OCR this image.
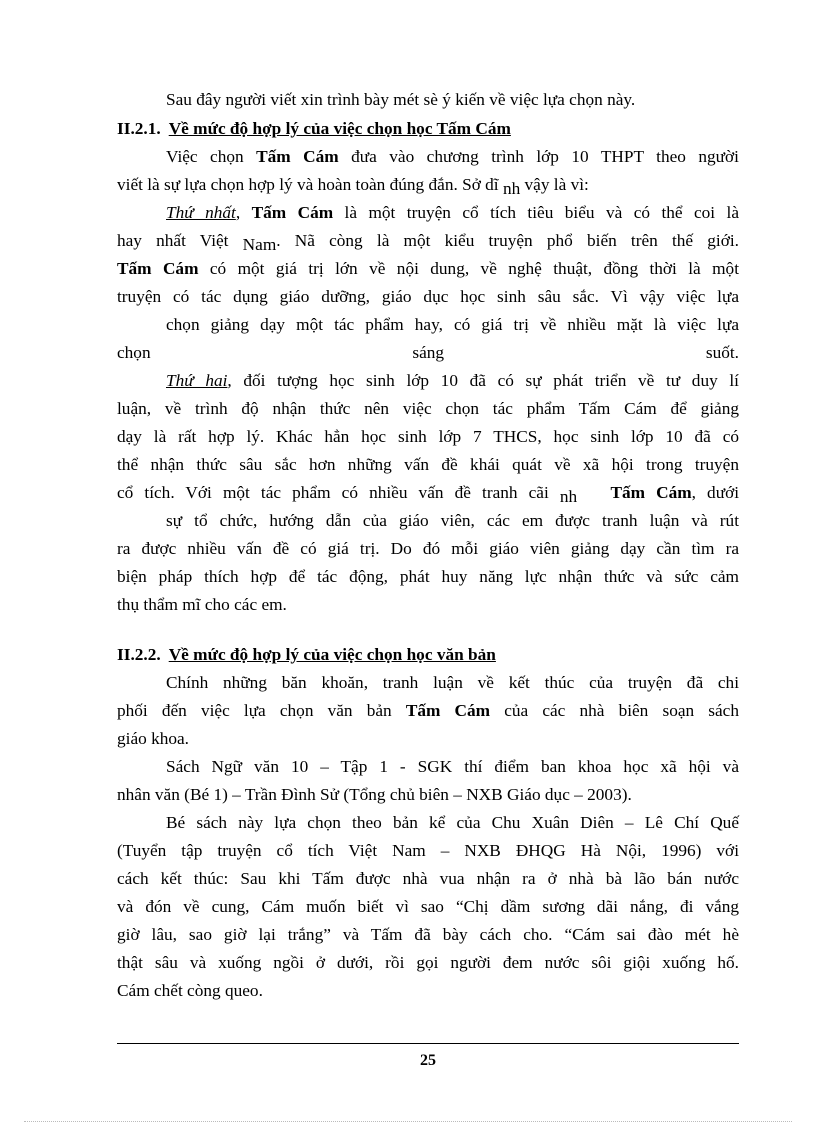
Sau đây người viết xin trình bày mét sè ý kiến về việc lựa chọn này.
II.2.1. Về mức độ hợp lý của việc chọn học Tấm Cám
Việc chọn Tấm Cám đưa vào chương trình lớp 10 THPT theo người
viết là sự lựa chọn hợp lý và hoàn toàn đúng đắn. Sở dĩ nh vậy là vì:
Thứ nhất, Tấm Cám là một truyện cổ tích tiêu biểu và có thể coi là
hay nhất Việt Nam. Nã còng là một kiểu truyện phổ biến trên thế giới.
Tấm Cám có một giá trị lớn về nội dung, về nghệ thuật, đồng thời là một
truyện có tác dụng giáo dưỡng, giáo dục học sinh sâu sắc. Vì vậy việc lựa
chọn giảng dạy một tác phẩm hay, có giá trị về nhiều mặt là việc lựa
chọn	sáng	suốt.
Thứ hai, đối tượng học sinh lớp 10 đã có sự phát triển về tư duy lí
luận, về trình độ nhận thức nên việc chọn tác phẩm Tấm Cám để giảng
dạy là rất hợp lý. Khác hẳn học sinh lớp 7 THCS, học sinh lớp 10 đã có
thể nhận thức sâu sắc hơn những vấn đề khái quát về xã hội trong truyện
cổ tích. Với một tác phẩm có nhiều vấn đề tranh cãi nh Tấm Cám, dưới
sự tổ chức, hướng dẫn của giáo viên, các em được tranh luận và rút
ra được nhiều vấn đề có giá trị. Do đó mỗi giáo viên giảng dạy cần tìm ra
biện pháp thích hợp để tác động, phát huy năng lực nhận thức và sức cảm
thụ thẩm mĩ cho các em.
II.2.2. Về mức độ hợp lý của việc chọn học văn bản
Chính những băn khoăn, tranh luận về kết thúc của truyện đã chi
phối đến việc lựa chọn văn bản Tấm Cám của các nhà biên soạn sách
giáo khoa.
Sách Ngữ văn 10 – Tập 1 - SGK thí điểm ban khoa học xã hội và
nhân văn (Bé 1) – Trần Đình Sử (Tổng chủ biên – NXB Giáo dục – 2003).
Bé sách này lựa chọn theo bản kể của Chu Xuân Diên – Lê Chí Quế
(Tuyển tập truyện cổ tích Việt Nam – NXB ĐHQG Hà Nội, 1996) với
cách kết thúc: Sau khi Tấm được nhà vua nhận ra ở nhà bà lão bán nước
và đón về cung, Cám muốn biết vì sao “Chị dầm sương dãi nắng, đi vắng
giờ lâu, sao giờ lại trắng” và Tấm đã bày cách cho. “Cám sai đào mét hè
thật sâu và xuống ngồi ở dưới, rồi gọi người đem nước sôi giội xuống hố.
Cám chết còng queo.
25
